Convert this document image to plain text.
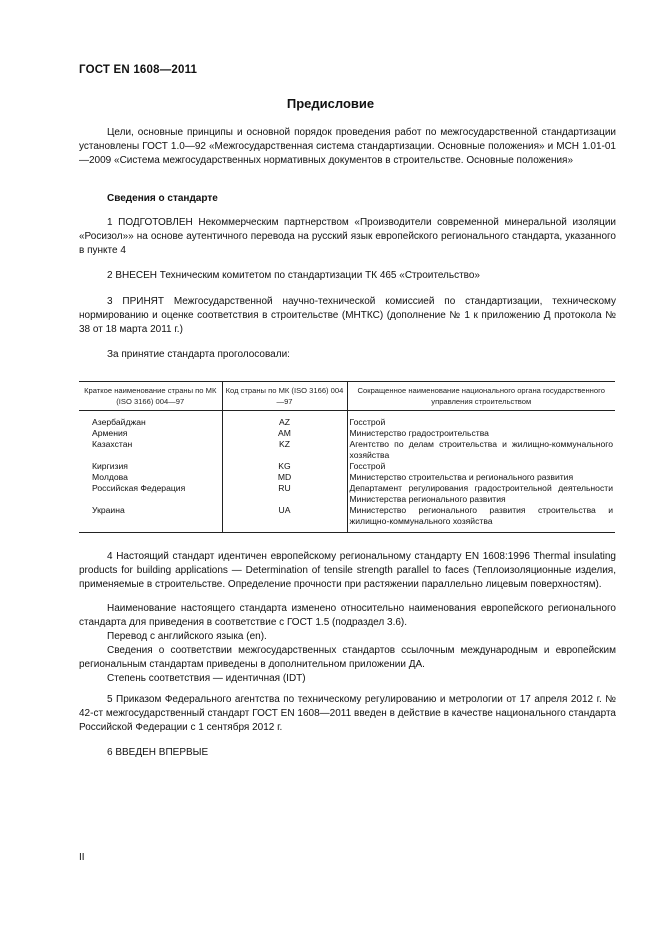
ГОСТ EN 1608—2011
Предисловие

Цели, основные принципы и основной порядок проведения работ по межгосударственной стандартизации установлены ГОСТ 1.0—92 «Межгосударственная система стандартизации. Основные положения» и МСН 1.01-01—2009 «Система межгосударственных нормативных документов в строительстве. Основные положения»

Сведения о стандарте

1 ПОДГОТОВЛЕН Некоммерческим партнерством «Производители современной минеральной изоляции «Росизол»» на основе аутентичного перевода на русский язык европейского регионального стандарта, указанного в пункте 4

2 ВНЕСЕН Техническим комитетом по стандартизации ТК 465 «Строительство»

3 ПРИНЯТ Межгосударственной научно-технической комиссией по стандартизации, техническому нормированию и оценке соответствия в строительстве (МНТКС) (дополнение № 1 к приложению Д протокола № 38 от 18 марта 2011 г.)

За принятие стандарта проголосовали:

Краткое наименование страны по МК (ISO 3166) 004—97	Код страны по МК (ISO 3166) 004—97	Сокращенное наименование национального органа государственного управления строительством
Азербайджан	AZ	Госстрой
Армения	AM	Министерство градостроительства
Казахстан	KZ	Агентство по делам строительства и жилищно-коммунального хозяйства
Киргизия	KG	Госстрой
Молдова	MD	Министерство строительства и регионального развития
Российская Федерация	RU	Департамент регулирования градостроительной деятельности Министерства регионального развития
Украина	UA	Министерство регионального развития строительства и жилищно-коммунального хозяйства

4 Настоящий стандарт идентичен европейскому региональному стандарту EN 1608:1996 Thermal insulating products for building applications — Determination of tensile strength parallel to faces (Теплоизоляционные изделия, применяемые в строительстве. Определение прочности при растяжении параллельно лицевым поверхностям).

Наименование настоящего стандарта изменено относительно наименования европейского регионального стандарта для приведения в соответствие с ГОСТ 1.5 (подраздел 3.6).

Перевод с английского языка (en).

Сведения о соответствии межгосударственных стандартов ссылочным международным и европейским региональным стандартам приведены в дополнительном приложении ДА.

Степень соответствия — идентичная (IDT)

5 Приказом Федерального агентства по техническому регулированию и метрологии от 17 апреля 2012 г. № 42-ст межгосударственный стандарт ГОСТ EN 1608—2011 введен в действие в качестве национального стандарта Российской Федерации с 1 сентября 2012 г.

6 ВВЕДЕН ВПЕРВЫЕ

II
